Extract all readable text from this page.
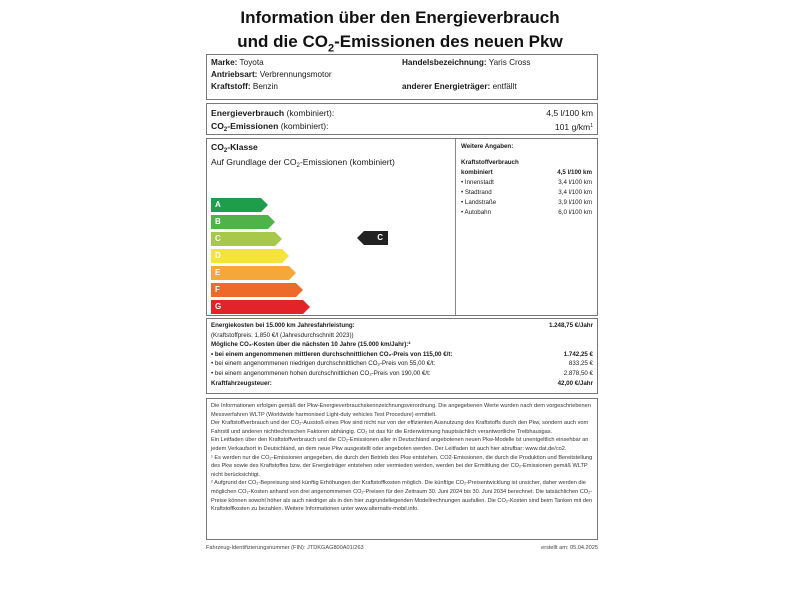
Information über den Energieverbrauch
und die $CO_2$-Emissionen des neuen Pkw
Marke: Toyota	Handelsbezeichnung: Yaris Cross
Antriebsart: Verbrennungsmotor
Kraftstoff: Benzin	anderer Energieträger: entfällt
Energieverbrauch (kombiniert):	4,5 l/100 km
$CO_2$-Emissionen (kombiniert):	101 $g/km^1$
$CO_2$-Klasse
Auf Grundlage der $CO_2$-Emissionen (kombiniert)
A
B
C
D
E
F
G
C
Weitere Angaben:
Kraftstoffverbrauch
kombiniert	4,5 l/100 km
• Innenstadt	3,4 l/100 km
• Stadtrand	3,4 l/100 km
• Landstraße	3,9 l/100 km
• Autobahn	6,0 l/100 km
Energiekosten bei 15.000 km Jahresfahrleistung:	1.248,75 €/Jahr
(Kraftstoffpreis: 1,850 €/l (Jahresdurchschnitt 2023))
Mögliche CO₂-Kosten über die nächsten 10 Jahre (15.000 km/Jahr):²
• bei einem angenommenen mittleren durchschnittlichen CO₂-Preis von 115,00 €/t:	1.742,25 €
• bei einem angenommenen niedrigen durchschnittlichen CO₂-Preis von 55,00 €/t:	833,25 €
• bei einem angenommenen hohen durchschnittlichen CO₂-Preis von 190,00 €/t:	2.878,50 €
Kraftfahrzeugsteuer:	42,00 €/Jahr

Die Informationen erfolgen gemäß der Pkw-Energieverbrauchskennzeichnungsverordnung. Die angegebenen Werte wurden nach dem vorgeschriebenen Messverfahren WLTP (Worldwide harmonised Light-duty vehicles Test Procedure) ermittelt.

Der Kraftstoffverbrauch und der CO₂-Ausstoß eines Pkw sind nicht nur von der effizienten Ausnutzung des Kraftstoffs durch den Pkw, sondern auch vom Fahrstil und anderen nichttechnischen Faktoren abhängig. CO₂ ist das für die Erderwärmung hauptsächlich verantwortliche Treibhausgas.

Ein Leitfaden über den Kraftstoffverbrauch und die CO₂-Emissionen aller in Deutschland angebotenen neuen Pkw-Modelle ist unentgeltlich einsehbar an jedem Verkaufsort in Deutschland, an dem neue Pkw ausgestellt oder angeboten werden. Der Leitfaden ist auch hier abrufbar: www.dat.de/co2.

¹ Es werden nur die CO₂-Emissionen angegeben, die durch den Betrieb des Pkw entstehen. CO2-Emissionen, die durch die Produktion und Bereitstellung des Pkw sowie des Kraftstoffes bzw. der Energieträger entstehen oder vermieden werden, werden bei der Ermittlung der CO₂-Emissionen gemäß WLTP nicht berücksichtigt.

² Aufgrund der CO₂-Bepreisung sind künftig Erhöhungen der Kraftstoffkosten möglich. Die künftige CO₂-Preisentwicklung ist unsicher, daher werden die möglichen CO₂-Kosten anhand von drei angenommenen CO₂-Preisen für den Zeitraum 30. Juni 2024 bis 30. Juni 2034 berechnet. Die tatsächlichen CO₂-Preise können sowohl höher als auch niedriger als in den hier zugrundeliegenden Modellrechnungen ausfallen. Die CO₂-Kosten sind beim Tanken mit den Kraftstoffkosten zu bezahlen. Weitere Informationen unter www.alternativ-mobil.info.

Fahrzeug-Identifizierungsnummer (FIN): JTDKGAG800A01/263	erstellt am: 05.04.2025
